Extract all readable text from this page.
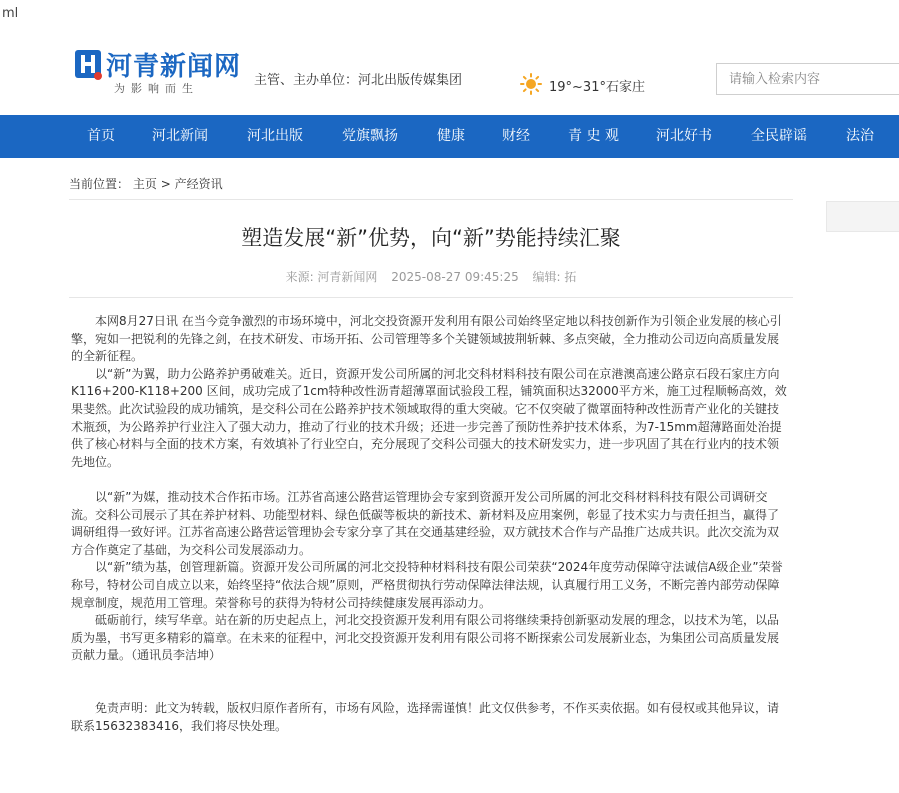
ml
河青新闻网
为影响而生
主管、主办单位：河北出版传媒集团	19°~31°石家庄
请输入检索内容
首页	河北新闻	河北出版	党旗飘扬	健康	财经	青 史 观	河北好书	全民辟谣	法治
当前位置： 主页 > 产经资讯
塑造发展“新”优势，向“新”势能持续汇聚
来源: 河青新闻网 2025-08-27 09:45:25 编辑: 拓

本网8月27日讯 在当今竞争激烈的市场环境中，河北交投资源开发利用有限公司始终坚定地以科技创新作为引领企业发展的核心引擎，宛如一把锐利的先锋之剑，在技术研发、市场开拓、公司管理等多个关键领域披荆斩棘、多点突破，全力推动公司迈向高质量发展的全新征程。

以“新”为翼，助力公路养护勇破难关。近日，资源开发公司所属的河北交科材料科技有限公司在京港澳高速公路京石段石家庄方向K116+200-K118+200 区间，成功完成了1cm特种改性沥青超薄罩面试验段工程，铺筑面积达32000平方米，施工过程顺畅高效，效果斐然。此次试验段的成功铺筑，是交科公司在公路养护技术领域取得的重大突破。它不仅突破了微罩面特种改性沥青产业化的关键技术瓶颈，为公路养护行业注入了强大动力，推动了行业的技术升级；还进一步完善了预防性养护技术体系，为7-15mm超薄路面处治提供了核心材料与全面的技术方案，有效填补了行业空白，充分展现了交科公司强大的技术研发实力，进一步巩固了其在行业内的技术领先地位。

以“新”为媒，推动技术合作拓市场。江苏省高速公路营运管理协会专家到资源开发公司所属的河北交科材料科技有限公司调研交流。交科公司展示了其在养护材料、功能型材料、绿色低碳等板块的新技术、新材料及应用案例，彰显了技术实力与责任担当，赢得了调研组得一致好评。江苏省高速公路营运管理协会专家分享了其在交通基建经验，双方就技术合作与产品推广达成共识。此次交流为双方合作奠定了基础，为交科公司发展添动力。

以“新”绩为基，创管理新篇。资源开发公司所属的河北交投特种材料科技有限公司荣获“2024年度劳动保障守法诚信A级企业”荣誉称号，特材公司自成立以来，始终坚持“依法合规”原则，严格贯彻执行劳动保障法律法规，认真履行用工义务，不断完善内部劳动保障规章制度，规范用工管理。荣誉称号的获得为特材公司持续健康发展再添动力。

砥砺前行，续写华章。站在新的历史起点上，河北交投资源开发利用有限公司将继续秉持创新驱动发展的理念，以技术为笔，以品质为墨，书写更多精彩的篇章。在未来的征程中，河北交投资源开发利用有限公司将不断探索公司发展新业态，为集团公司高质量发展贡献力量。（通讯员李洁坤）

免责声明：此文为转载，版权归原作者所有，市场有风险，选择需谨慎！此文仅供参考，不作买卖依据。如有侵权或其他异议，请联系15632383416，我们将尽快处理。
